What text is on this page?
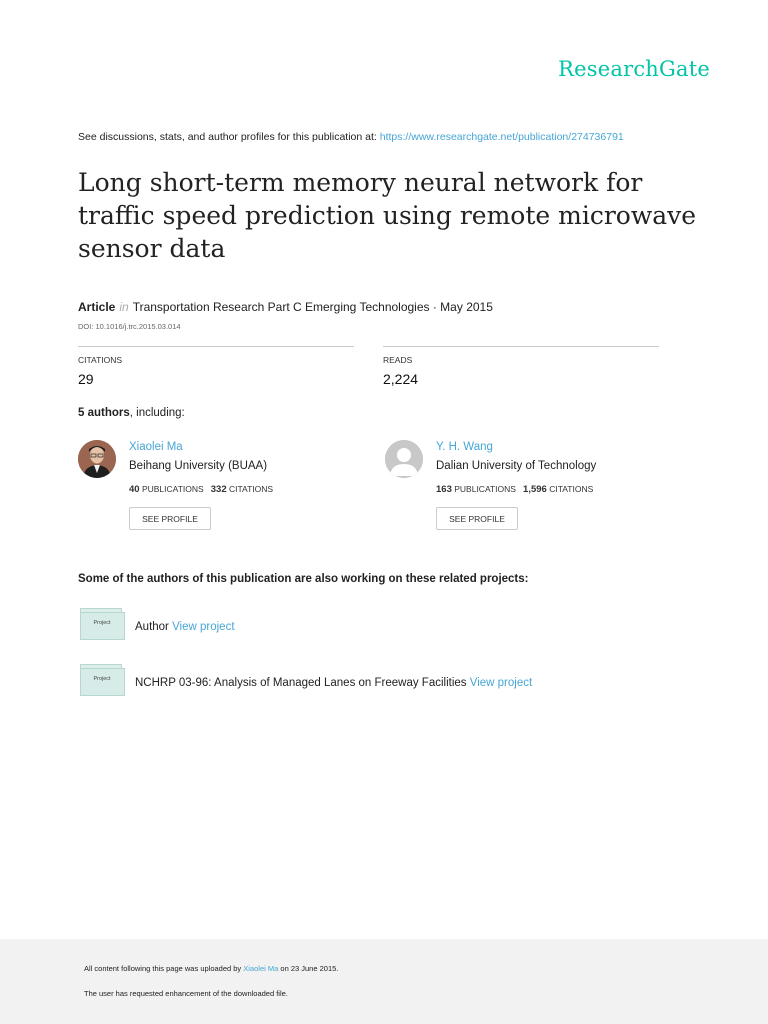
ResearchGate
See discussions, stats, and author profiles for this publication at: https://www.researchgate.net/publication/274736791
Long short-term memory neural network for traffic speed prediction using remote microwave sensor data
Article in Transportation Research Part C Emerging Technologies · May 2015
DOI: 10.1016/j.trc.2015.03.014
CITATIONS
29
READS
2,224
5 authors, including:
Xiaolei Ma
Beihang University (BUAA)
40 PUBLICATIONS 332 CITATIONS
SEE PROFILE
Y. H. Wang
Dalian University of Technology
163 PUBLICATIONS 1,596 CITATIONS
SEE PROFILE
Some of the authors of this publication are also working on these related projects:
Project	Author View project
Project	NCHRP 03-96: Analysis of Managed Lanes on Freeway Facilities View project
All content following this page was uploaded by Xiaolei Ma on 23 June 2015.
The user has requested enhancement of the downloaded file.
